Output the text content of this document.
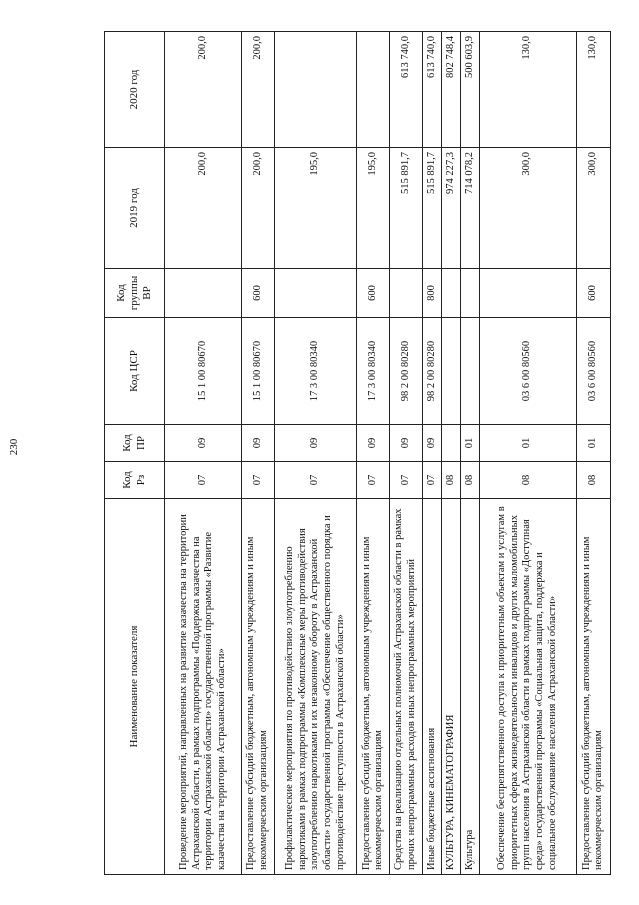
230
Наименование показателя	Код Рз	Код ПР	Код ЦСР	Код группы ВР	2019 год	2020 год
Проведение мероприятий, направленных на развитие казачества на территории Астраханской области, в рамках подпрограммы «Поддержка казачества на территории Астраханской области» государственной программы «Развитие казачества на территории Астраханской области»	07	09	15 1 00 80670		200,0	200,0
Предоставление субсидий бюджетным, автономным учреждениям и иным некоммерческим организациям	07	09	15 1 00 80670	600	200,0	200,0
Профилактические мероприятия по противодействию злоупотреблению наркотиками в рамках подпрограммы «Комплексные меры противодействия злоупотреблению наркотиками и их незаконному обороту в Астраханской области» государственной программы «Обеспечение общественного порядка и противодействие преступности в Астраханской области»	07	09	17 3 00 80340		195,0	
Предоставление субсидий бюджетным, автономным учреждениям и иным некоммерческим организациям	07	09	17 3 00 80340	600	195,0	
Средства на реализацию отдельных полномочий Астраханской области в рамках прочих непрограммных расходов иных непрограммных мероприятий	07	09	98 2 00 80280		515 891,7	613 740,0
Иные бюджетные ассигнования	07	09	98 2 00 80280	800	515 891,7	613 740,0
КУЛЬТУРА, КИНЕМАТОГРАФИЯ	08				974 227,3	802 748,4
Культура	08	01			714 078,2	500 603,9
Обеспечение беспрепятственного доступа к приоритетным объектам и услугам в приоритетных сферах жизнедеятельности инвалидов и других маломобильных групп населения в Астраханской области в рамках подпрограммы «Доступная среда» государственной программы «Социальная защита, поддержка и социальное обслуживание населения Астраханской области»	08	01	03 6 00 80560		300,0	130,0
Предоставление субсидий бюджетным, автономным учреждениям и иным некоммерческим организациям	08	01	03 6 00 80560	600	300,0	130,0
